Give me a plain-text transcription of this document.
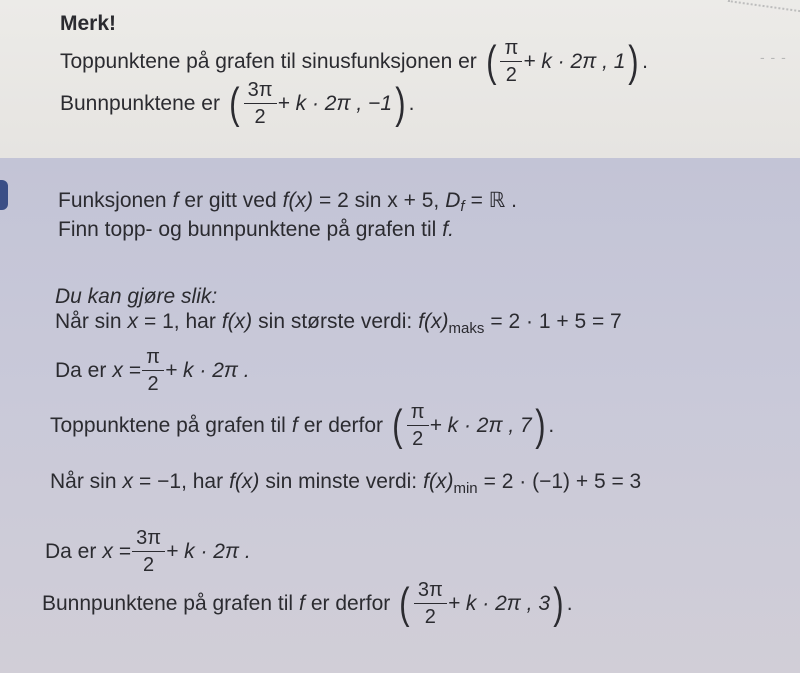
- - -
Merk!
Toppunktene på grafen til sinusfunksjonen er ( $\frac{\pi}{2} + k \cdot 2\pi$ , 1 ) .
Bunnpunktene er ( $\frac{3\pi}{2} + k \cdot 2\pi$ , −1 ) .
Funksjonen f er gitt ved f(x) = 2 sin x + 5, D f = ℝ .
Finn topp- og bunnpunktene på grafen til f.
Du kan gjøre slik:
Når sin x = 1, har f(x) sin største verdi: f(x) maks = 2 · 1 + 5 = 7
Da er $x = \frac{\pi}{2} + k \cdot 2\pi$ .
Toppunktene på grafen til f er derfor ( $\frac{\pi}{2} + k \cdot 2\pi$ , 7 ) .
Når sin x = −1, har f(x) sin minste verdi: f(x) min = 2 · (−1) + 5 = 3
Da er $x = \frac{3\pi}{2} + k \cdot 2\pi$ .
Bunnpunktene på grafen til f er derfor ( $\frac{3\pi}{2} + k \cdot 2\pi$ , 3 ) .
